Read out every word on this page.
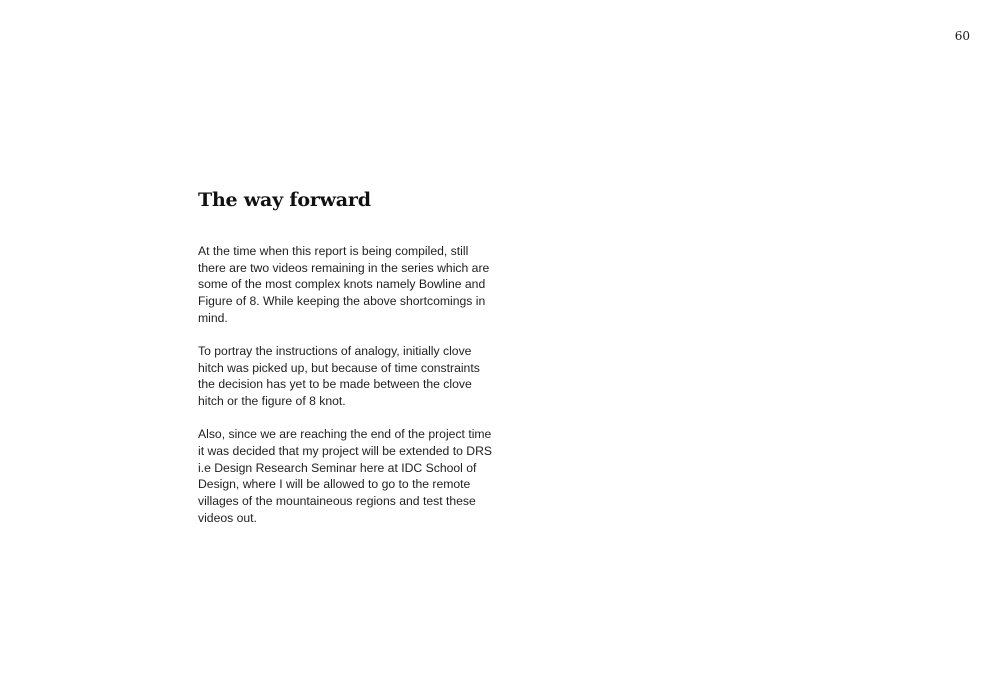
60
The way forward

At the time when this report is being compiled, still there are two videos remaining in the series which are some of the most complex knots namely Bowline and Figure of 8. While keeping the above shortcomings in mind.

To portray the instructions of analogy, initially clove hitch was picked up, but because of time constraints the decision has yet to be made between the clove hitch or the figure of 8 knot.

Also, since we are reaching the end of the project time it was decided that my project will be extended to DRS i.e Design Research Seminar here at IDC School of Design, where I will be allowed to go to the remote villages of the mountaineous regions and test these videos out.
